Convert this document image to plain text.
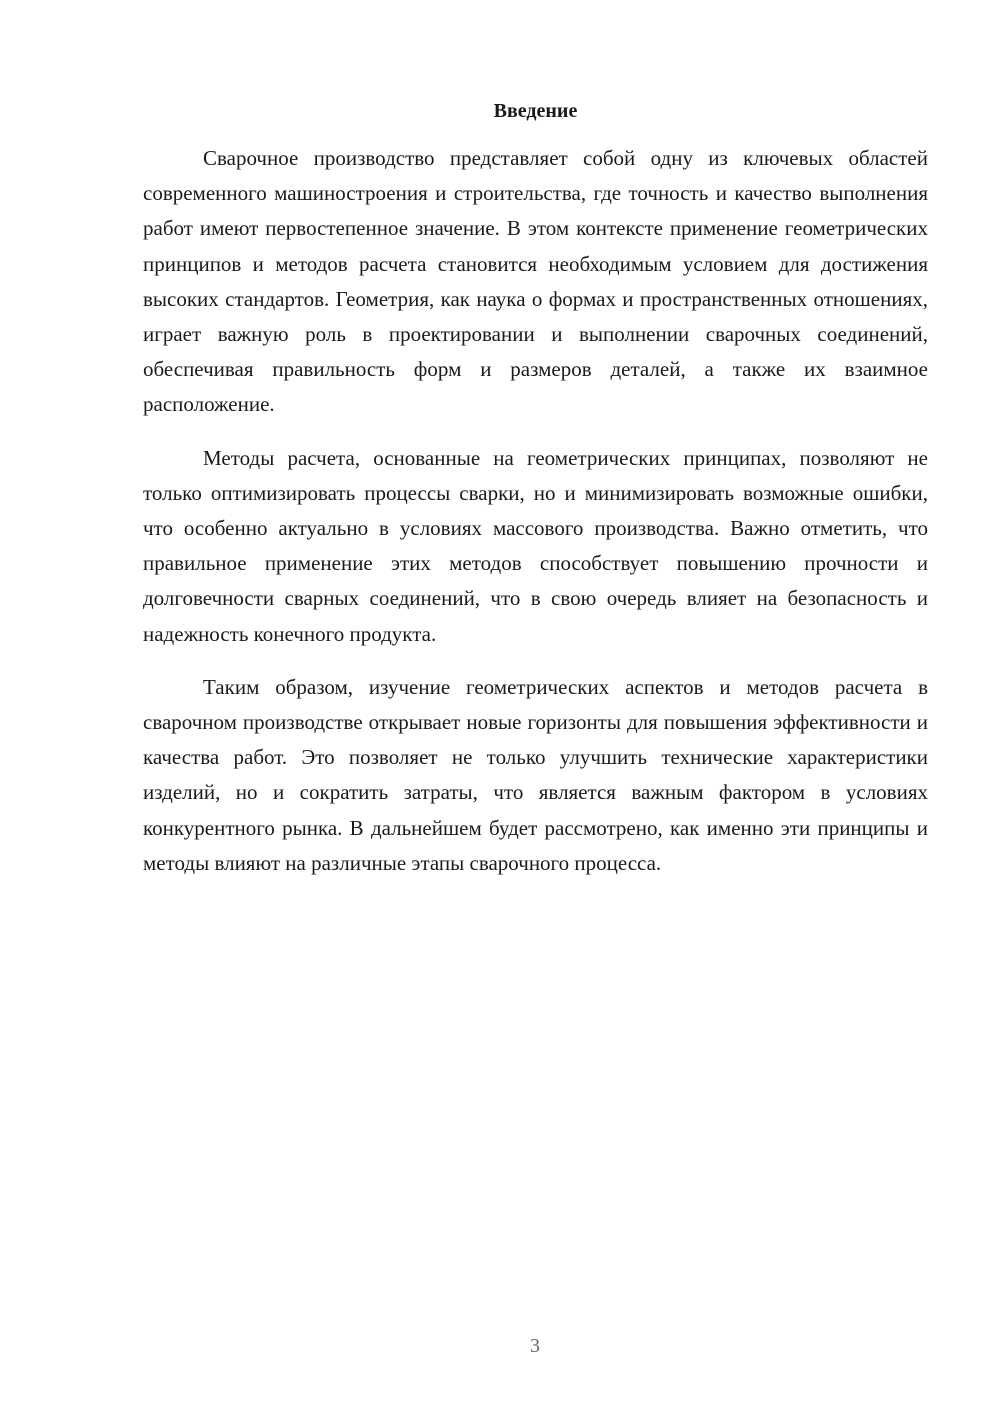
Введение

Сварочное производство представляет собой одну из ключевых областей современного машиностроения и строительства, где точность и качество выполнения работ имеют первостепенное значение. В этом контексте применение геометрических принципов и методов расчета становится необходимым условием для достижения высоких стандартов. Геометрия, как наука о формах и пространственных отношениях, играет важную роль в проектировании и выполнении сварочных соединений, обеспечивая правильность форм и размеров деталей, а также их взаимное расположение.

Методы расчета, основанные на геометрических принципах, позволяют не только оптимизировать процессы сварки, но и минимизировать возможные ошибки, что особенно актуально в условиях массового производства. Важно отметить, что правильное применение этих методов способствует повышению прочности и долговечности сварных соединений, что в свою очередь влияет на безопасность и надежность конечного продукта.

Таким образом, изучение геометрических аспектов и методов расчета в сварочном производстве открывает новые горизонты для повышения эффективности и качества работ. Это позволяет не только улучшить технические характеристики изделий, но и сократить затраты, что является важным фактором в условиях конкурентного рынка. В дальнейшем будет рассмотрено, как именно эти принципы и методы влияют на различные этапы сварочного процесса.

3
